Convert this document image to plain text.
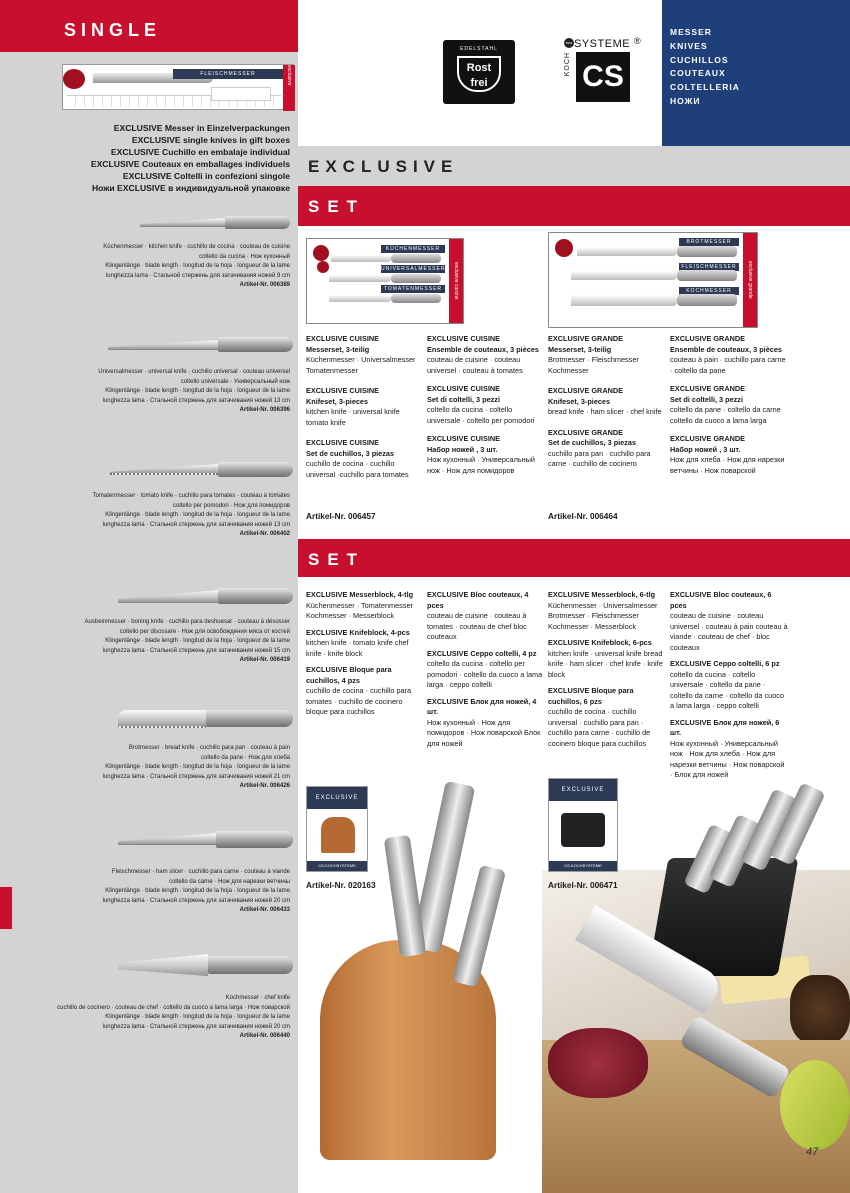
SINGLE
FLEISCHMESSER	exclusive
EXCLUSIVE Messer in Einzelverpackungen
EXCLUSIVE single knives in gift boxes
EXCLUSIVE Cuchillo en embalaje individual
EXCLUSIVE Couteaux en emballages individuels
EXCLUSIVE Coltelli in confezioni singole
Ножи EXCLUSIVE в индивидуальной упаковке
Küchenmesser · kitchen knife · cuchillo de cocina · couteau de cuisine
coltello da cucina · Нож кухонный
Klingenlänge · blade length · longitud de la hoja · longueur de la lame
lunghezza lama · Стальной стержень для затачивания ножей 9 cm
Artikel-Nr. 006389
Universalmesser · universal knife · cuchillo universal · couteau universel
coltello universale · Универсальный нож
Klingenlänge · blade length · longitud de la hoja · longueur de la lame
lunghezza lama · Стальной стержень для затачивания ножей 13 cm
Artikel-Nr. 006396
Tomatenmesser · tomato knife · cuchillo para tomates · couteau à tomates
coltello per pomodori · Нож для помидоров
Klingenlänge · blade length · longitud de la hoja · longueur de la lame
lunghezza lama · Стальной стержень для затачивания ножей 13 cm
Artikel-Nr. 006402
Ausbeinmesser · boning knife · cuchillo para deshuesar · couteau à désosser
coltello per disossare · Нож для освобождения мяса от костей
Klingenlänge · blade length · longitud de la hoja · longueur de la lame
lunghezza lama · Стальной стержень для затачивания ножей 15 cm
Artikel-Nr. 006419
Brotmesser · bread knife · cuchillo para pan · couteau à pain
coltello da pane · Нож для хлеба
Klingenlänge · blade length · longitud de la hoja · longueur de la lame
lunghezza lama · Стальной стержень для затачивания ножей 21 cm
Artikel-Nr. 006426
Fleischmesser · ham slicer · cuchillo para carne · couteau à viande
coltello da carne · Нож для нарезки ветчины
Klingenlänge · blade length · longitud de la hoja · longueur de la lame
lunghezza lama · Стальной стержень для затачивания ножей 20 cm
Artikel-Nr. 006433
Kochmesser · chef knife
cuchillo de cocinero · couteau de chef · coltello da cuoco a lama larga · Нож поварской
Klingenlänge · blade length · longitud de la hoja · longueur de la lame
lunghezza lama · Стальной стержень для затачивания ножей 20 cm
Artikel-Nr. 006440
EDELSTAHL
Rost frei
eco SYSTEME ®
KOCH CS
MESSER
KNIVES
CUCHILLOS
COUTEAUX
COLTELLERIA
НОЖИ
EXCLUSIVE
SET
KÜCHENMESSER
UNIVERSALMESSER
TOMATENMESSER	exclusive cuisine
BROTMESSER
FLEISCHMESSER
KOCHMESSER	exclusive grande
EXCLUSIVE CUISINE
Messerset, 3-teilig
Küchenmesser · Universalmesser Tomatenmesser
EXCLUSIVE CUISINE
Knifeset, 3-pieces
kitchen knife · universal knife tomato knife
EXCLUSIVE CUISINE
Set de cuchillos, 3 piezas
cuchillo de cocina · cuchillo universal ·cuchillo para tomates
EXCLUSIVE CUISINE
Ensemble de couteaux, 3 pièces
couteau de cuisine · couteau universel · couteau à tomates
EXCLUSIVE CUISINE
Set di coltelli, 3 pezzi
coltello da cucina · coltello universale · coltello per pomodori
EXCLUSIVE CUISINE
Набор ножей , 3 шт.
Нож кухонный · Универсальный нож · Нож для помидоров
EXCLUSIVE GRANDE
Messerset, 3-teilig
Brotmesser · Fleischmesser Kochmesser
EXCLUSIVE GRANDE
Knifeset, 3-pieces
bread knife · ham slicer · chef knife
EXCLUSIVE GRANDE
Set de cuchillos, 3 piezas
cuchillo para pan · cuchillo para carne · cuchillo de cocinero
EXCLUSIVE GRANDE
Ensemble de couteaux, 3 pièces
couteau à pain · cuchillo para carne · coltello da pane
EXCLUSIVE GRANDE
Set di coltelli, 3 pezzi
coltello da pane · coltello da carne coltello da cuoco a lama larga
EXCLUSIVE GRANDE
Набор ножей , 3 шт.
Нож для хлеба · Нож для нарезки ветчины · Нож поварской
Artikel-Nr. 006457	Artikel-Nr. 006464
SET
EXCLUSIVE
CS-KOCHSYSTEME
EXCLUSIVE
CS-KOCHSYSTEME
EXCLUSIVE Messerblock, 4-tlg
Küchenmesser · Tomatenmesser Kochmesser · Messerblock
EXCLUSIVE Knifeblock, 4-pcs
kitchen knife · tomato knife chef knife · knife block
EXCLUSIVE Bloque para cuchillos, 4 pzs
cuchillo de cocina · cuchillo para tomates · cuchillo de cocinero bloque para cuchillos
EXCLUSIVE Bloc couteaux, 4 pces
couteau de cuisine · couteau à tomates · couteau de chef bloc couteaux
EXCLUSIVE Ceppo coltelli, 4 pz
coltello da cucina · coltello per pomodori · coltello da cuoco a lama larga · ceppo coltelli
EXCLUSIVE Блок для ножей, 4 шт.
Нож кухонный · Нож для помидоров · Нож поварской Блок для ножей
EXCLUSIVE Messerblock, 6-tlg
Küchenmesser · Universalmesser Brotmesser · Fleischmesser Kochmesser · Messerblock
EXCLUSIVE Knifeblock, 6-pcs
kitchen knife · universal knife bread knife · ham slicer · chef knife · knife block
EXCLUSIVE Bloque para cuchillos, 6 pzs
cuchillo de cocina · cuchillo universal · cuchillo para pan · cuchillo para carne · cuchillo de cocinero bloque para cuchillos
EXCLUSIVE Bloc couteaux, 6 pces
couteau de cuisine · couteau universel · couteau à pain couteau à viande · couteau de chef · bloc couteaux
EXCLUSIVE Ceppo coltelli, 6 pz
coltello da cucina · coltello universale · coltello da pane · coltello da carne · coltello da cuoco a lama larga · ceppo coltelli
EXCLUSIVE Блок для ножей, 6 шт.
Нож кухонный · Универсальный нож · Нож для хлеба · Нож для нарезки ветчины · Нож поварской · Блок для ножей
Artikel-Nr. 020163	Artikel-Nr. 006471
47
